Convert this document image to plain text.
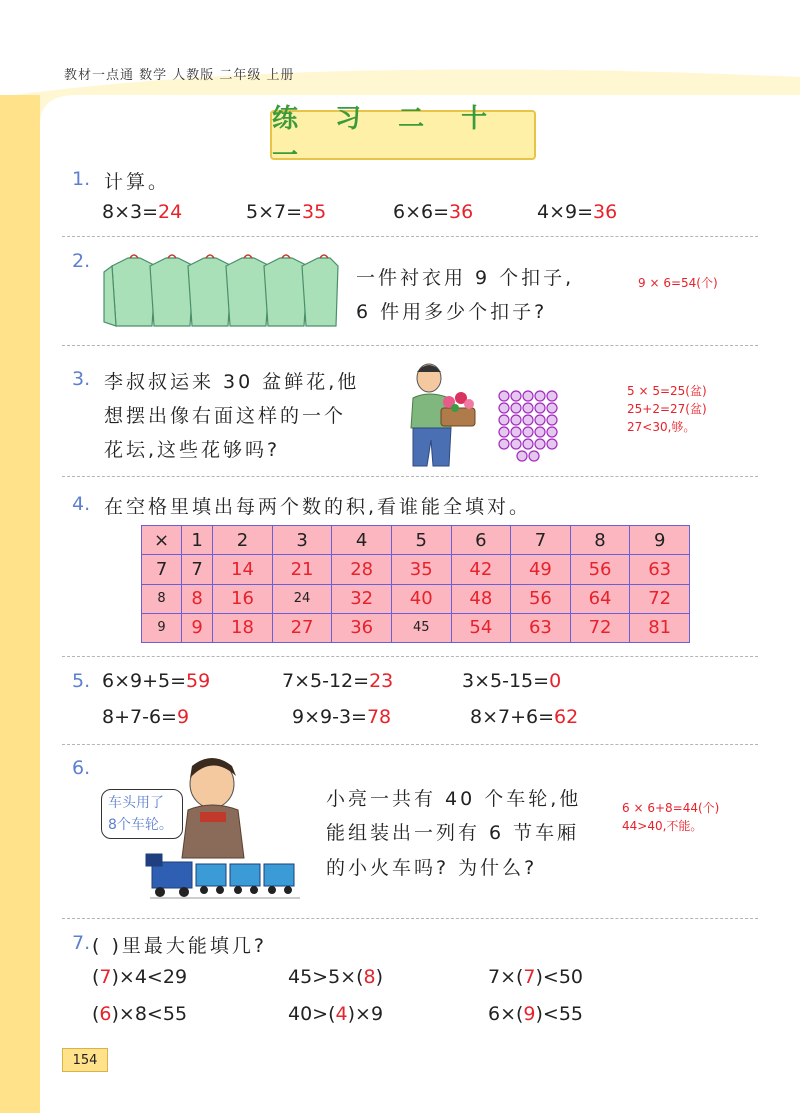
教材一点通 数学 人教版 二年级 上册
练 习 二 十 一
1. 计算。
8×3=24	5×7=35	6×6=36	4×9=36
2.
一件衬衣用 9 个扣子,
6 件用多少个扣子?
9 × 6=54(个)
3. 李叔叔运来 30 盆鲜花,他
想摆出像右面这样的一个
花坛,这些花够吗?
5 × 5=25(盆)
25+2=27(盆)
27<30,够。
4. 在空格里填出每两个数的积,看谁能全填对。
×	1	2	3	4	5	6	7	8	9
7	7	14	21	28	35	42	49	56	63
8	8	16	24	32	40	48	56	64	72
9	9	18	27	36	45	54	63	72	81
5. 6×9+5=59	7×5-12=23	3×5-15=0
8+7-6=9	9×9-3=78	8×7+6=62
6.
车头用了
8个车轮。
小亮一共有 40 个车轮,他
能组装出一列有 6 节车厢
的小火车吗? 为什么?
6 × 6+8=44(个)
44>40,不能。
7. ( )里最大能填几?
(7)×4<29	45>5×(8)	7×(7)<50
(6)×8<55	40>(4)×9	6×(9)<55
154
